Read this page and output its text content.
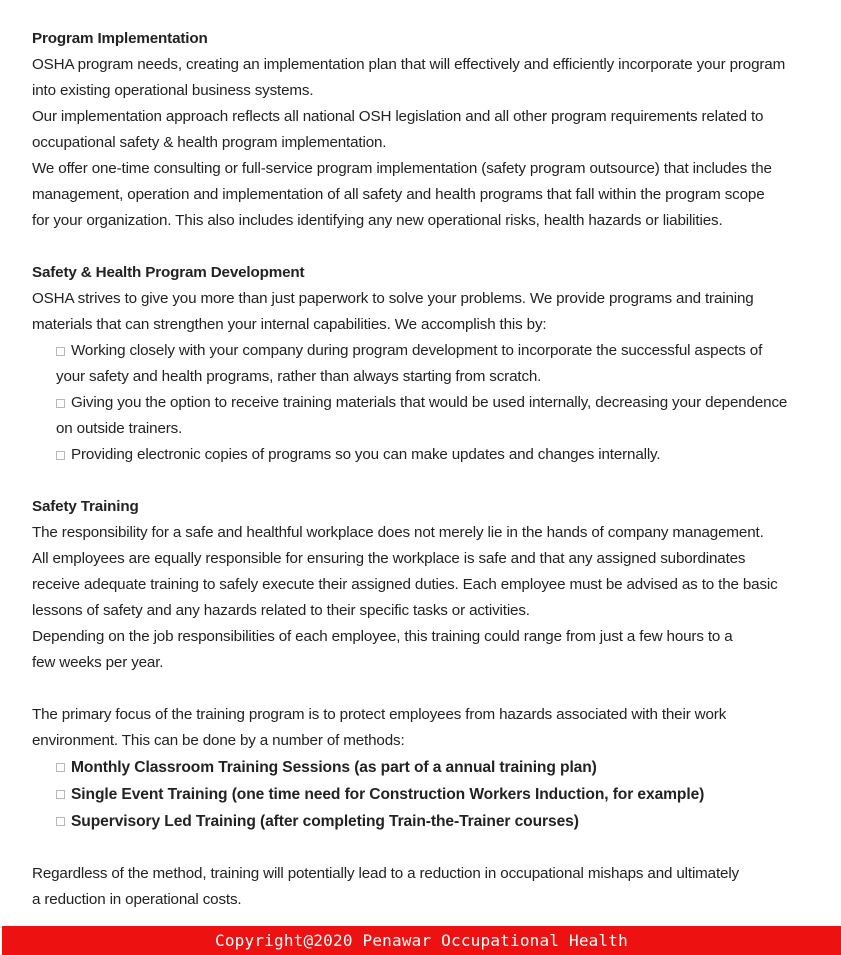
Program Implementation
OSHA program needs, creating an implementation plan that will effectively and efficiently incorporate your program
into existing operational business systems.
Our implementation approach reflects all national OSH legislation and all other program requirements related to
occupational safety & health program implementation.
We offer one-time consulting or full-service program implementation (safety program outsource) that includes the
management, operation and implementation of all safety and health programs that fall within the program scope
for your organization. This also includes identifying any new operational risks, health hazards or liabilities.
Safety & Health Program Development
OSHA strives to give you more than just paperwork to solve your problems. We provide programs and training
materials that can strengthen your internal capabilities. We accomplish this by:
Working closely with your company during program development to incorporate the successful aspects of
your safety and health programs, rather than always starting from scratch.
Giving you the option to receive training materials that would be used internally, decreasing your dependence
on outside trainers.
Providing electronic copies of programs so you can make updates and changes internally.
Safety Training
The responsibility for a safe and healthful workplace does not merely lie in the hands of company management.
All employees are equally responsible for ensuring the workplace is safe and that any assigned subordinates
receive adequate training to safely execute their assigned duties. Each employee must be advised as to the basic
lessons of safety and any hazards related to their specific tasks or activities.
Depending on the job responsibilities of each employee, this training could range from just a few hours to a
few weeks per year.
The primary focus of the training program is to protect employees from hazards associated with their work
environment. This can be done by a number of methods:
Monthly Classroom Training Sessions (as part of a annual training plan)
Single Event Training (one time need for Construction Workers Induction, for example)
Supervisory Led Training (after completing Train-the-Trainer courses)
Regardless of the method, training will potentially lead to a reduction in occupational mishaps and ultimately
a reduction in operational costs.
Copyright@2020 Penawar Occupational Health
